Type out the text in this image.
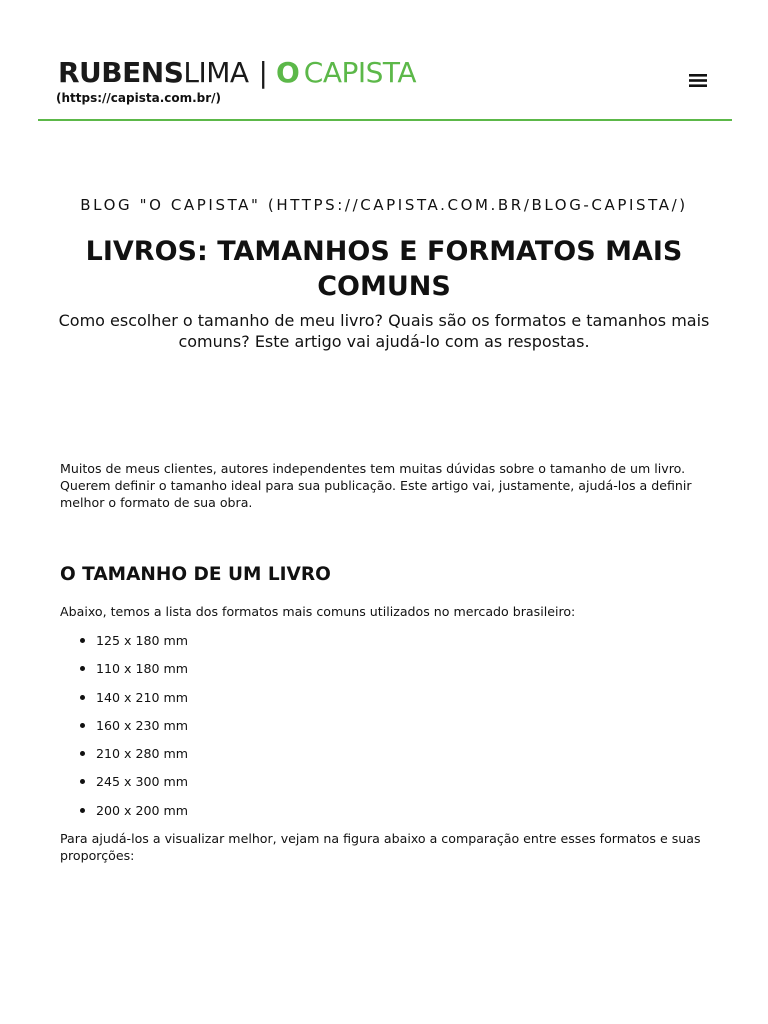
RUBENS LIMA | O CAPISTA
(https://capista.com.br/)
BLOG "O CAPISTA" (HTTPS://CAPISTA.COM.BR/BLOG-CAPISTA/)
LIVROS: TAMANHOS E FORMATOS MAIS COMUNS

Como escolher o tamanho de meu livro? Quais são os formatos e tamanhos mais comuns? Este artigo vai ajudá-lo com as respostas.

Muitos de meus clientes, autores independentes tem muitas dúvidas sobre o tamanho de um livro. Querem definir o tamanho ideal para sua publicação. Este artigo vai, justamente, ajudá-los a definir melhor o formato de sua obra.

O TAMANHO DE UM LIVRO

Abaixo, temos a lista dos formatos mais comuns utilizados no mercado brasileiro:

125 x 180 mm
110 x 180 mm
140 x 210 mm
160 x 230 mm
210 x 280 mm
245 x 300 mm
200 x 200 mm

Para ajudá-los a visualizar melhor, vejam na figura abaixo a comparação entre esses formatos e suas proporções:
